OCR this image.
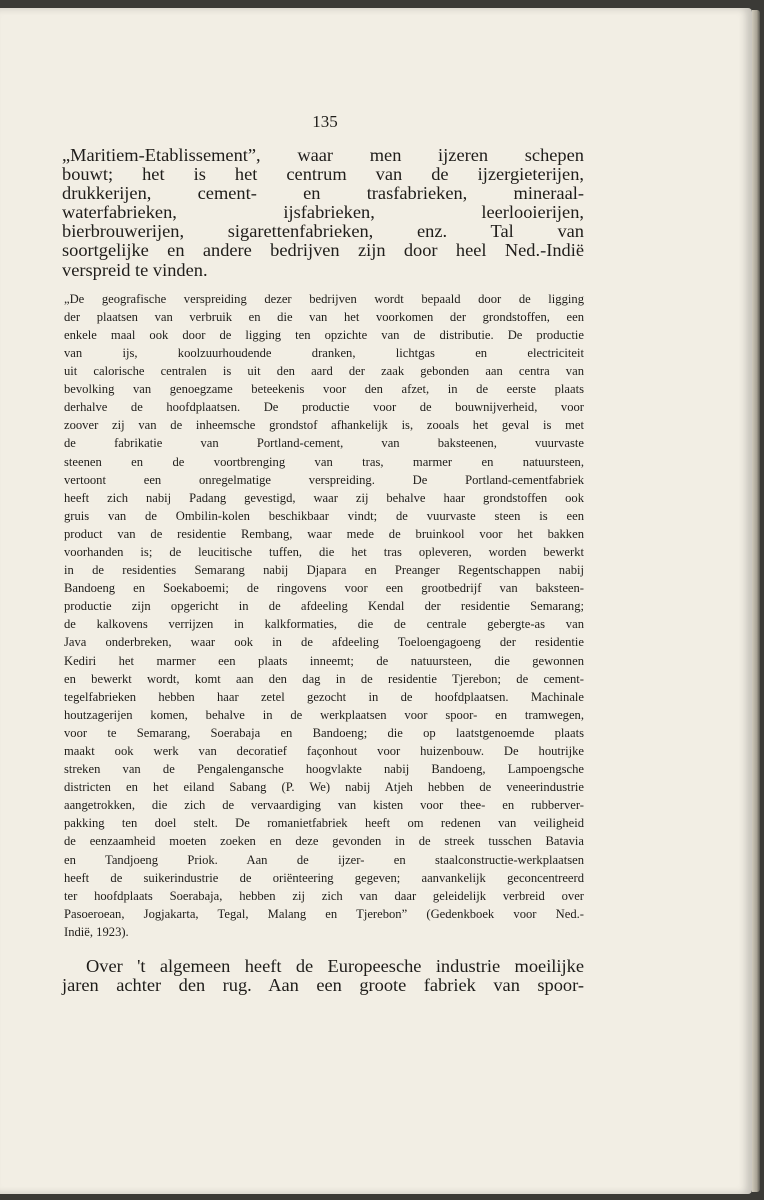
135
„Maritiem-Etablissement”, waar men ijzeren schepen
bouwt; het is het centrum van de ijzergieterijen,
drukkerijen, cement- en trasfabrieken, mineraal-
waterfabrieken, ijsfabrieken, leerlooierijen,
bierbrouwerijen, sigarettenfabrieken, enz. Tal van
soortgelijke en andere bedrijven zijn door heel Ned.-Indië
verspreid te vinden.
„De geografische verspreiding dezer bedrijven wordt bepaald door de ligging
der plaatsen van verbruik en die van het voorkomen der grondstoffen, een
enkele maal ook door de ligging ten opzichte van de distributie. De productie
van ijs, koolzuurhoudende dranken, lichtgas en electriciteit
uit calorische centralen is uit den aard der zaak gebonden aan centra van
bevolking van genoegzame beteekenis voor den afzet, in de eerste plaats
derhalve de hoofdplaatsen. De productie voor de bouwnijverheid, voor
zoover zij van de inheemsche grondstof afhankelijk is, zooals het geval is met
de fabrikatie van Portland-cement, van baksteenen, vuurvaste
steenen en de voortbrenging van tras, marmer en natuursteen,
vertoont een onregelmatige verspreiding. De Portland-cementfabriek
heeft zich nabij Padang gevestigd, waar zij behalve haar grondstoffen ook
gruis van de Ombilin-kolen beschikbaar vindt; de vuurvaste steen is een
product van de residentie Rembang, waar mede de bruinkool voor het bakken
voorhanden is; de leucitische tuffen, die het tras opleveren, worden bewerkt
in de residenties Semarang nabij Djapara en Preanger Regentschappen nabij
Bandoeng en Soekaboemi; de ringovens voor een grootbedrijf van baksteen-
productie zijn opgericht in de afdeeling Kendal der residentie Semarang;
de kalkovens verrijzen in kalkformaties, die de centrale gebergte-as van
Java onderbreken, waar ook in de afdeeling Toeloengagoeng der residentie
Kediri het marmer een plaats inneemt; de natuursteen, die gewonnen
en bewerkt wordt, komt aan den dag in de residentie Tjerebon; de cement-
tegelfabrieken hebben haar zetel gezocht in de hoofdplaatsen. Machinale
houtzagerijen komen, behalve in de werkplaatsen voor spoor- en tramwegen,
voor te Semarang, Soerabaja en Bandoeng; die op laatstgenoemde plaats
maakt ook werk van decoratief façonhout voor huizenbouw. De houtrijke
streken van de Pengalengansche hoogvlakte nabij Bandoeng, Lampoengsche
districten en het eiland Sabang (P. We) nabij Atjeh hebben de veneerindustrie
aangetrokken, die zich de vervaardiging van kisten voor thee- en rubberver-
pakking ten doel stelt. De romanietfabriek heeft om redenen van veiligheid
de eenzaamheid moeten zoeken en deze gevonden in de streek tusschen Batavia
en Tandjoeng Priok. Aan de ijzer- en staalconstructie-werkplaatsen
heeft de suikerindustrie de oriënteering gegeven; aanvankelijk geconcentreerd
ter hoofdplaats Soerabaja, hebben zij zich van daar geleidelijk verbreid over
Pasoeroean, Jogjakarta, Tegal, Malang en Tjerebon” (Gedenkboek voor Ned.-
Indië, 1923).
Over 't algemeen heeft de Europeesche industrie moeilijke
jaren achter den rug. Aan een groote fabriek van spoor-
